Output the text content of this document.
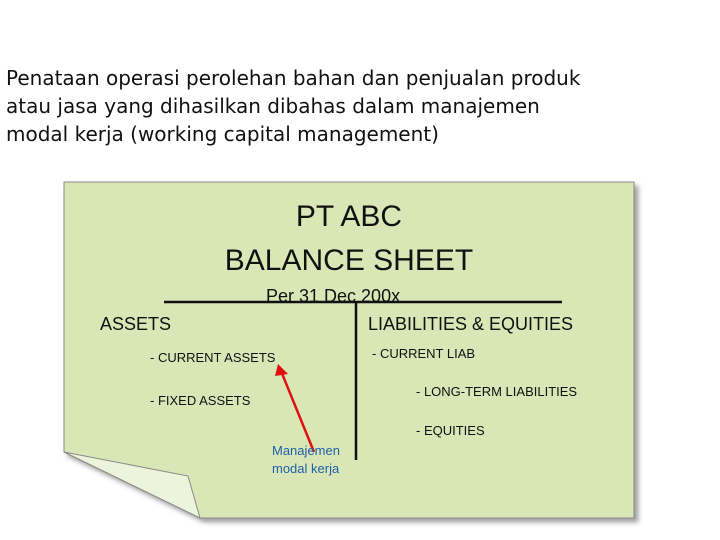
Penataan operasi perolehan bahan dan penjualan produk
atau jasa yang dihasilkan dibahas dalam manajemen
modal kerja (working capital management)
PT ABC
BALANCE SHEET
Per 31 Dec 200x
ASSETS	LIABILITIES & EQUITIES
- CURRENT ASSETS
- FIXED ASSETS
- CURRENT LIAB
- LONG-TERM LIABILITIES
- EQUITIES
Manajemen
modal kerja
